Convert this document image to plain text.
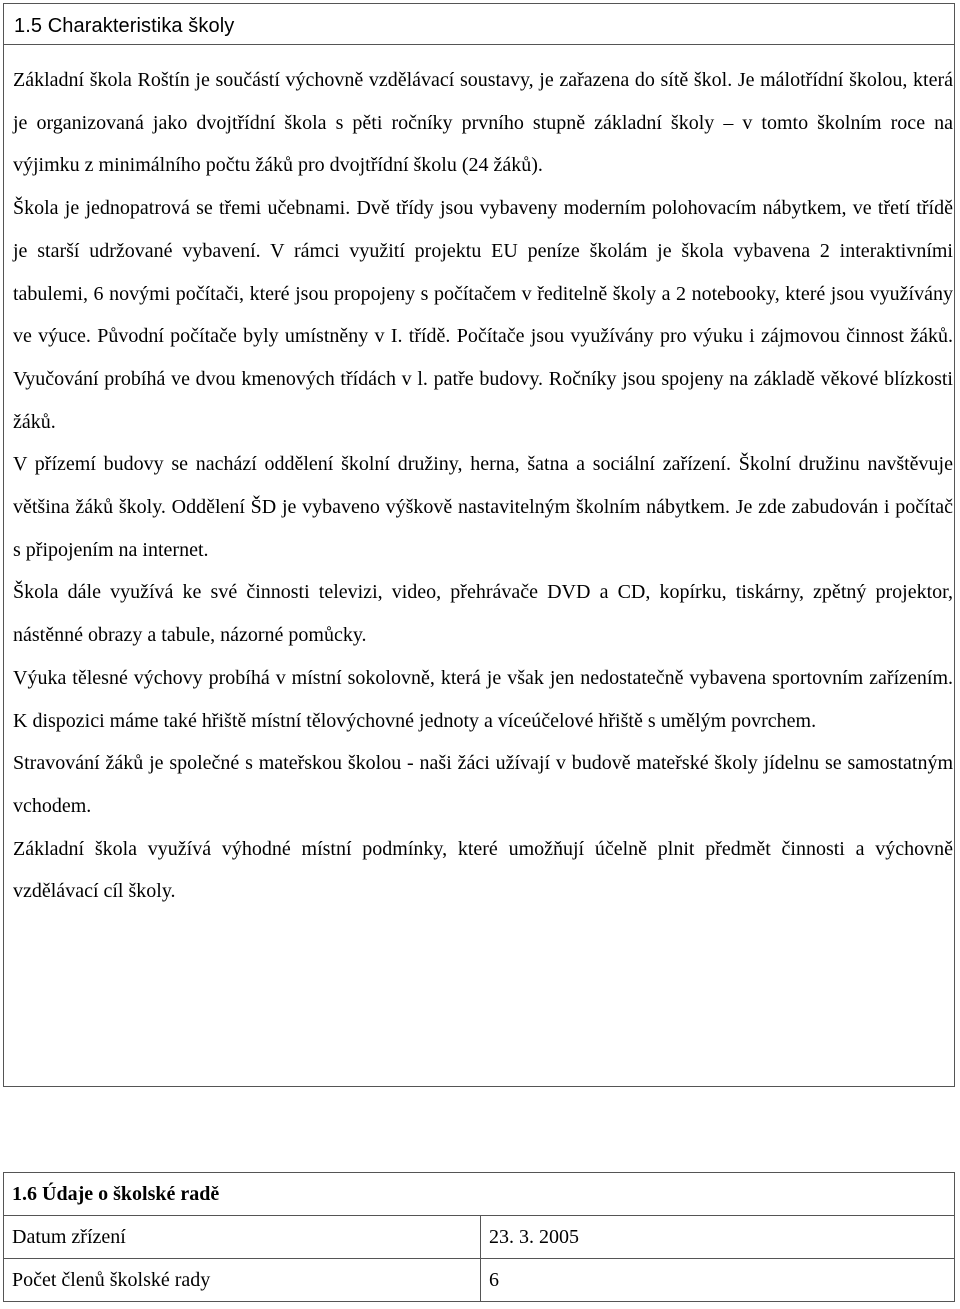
1.5 Charakteristika školy

Základní škola Roštín je součástí výchovně vzdělávací soustavy, je zařazena do sítě škol. Je málotřídní školou, která je organizovaná jako dvojtřídní škola s pěti ročníky prvního stupně základní školy – v tomto školním roce na výjimku z minimálního počtu žáků pro dvojtřídní školu (24 žáků).

Škola je jednopatrová se třemi učebnami. Dvě třídy jsou vybaveny moderním polohovacím nábytkem, ve třetí třídě je starší udržované vybavení. V rámci využití projektu EU peníze školám je škola vybavena 2 interaktivními tabulemi, 6 novými počítači, které jsou propojeny s počítačem v ředitelně školy a 2 notebooky, které jsou využívány ve výuce. Původní počítače byly umístněny v I. třídě. Počítače jsou využívány pro výuku i zájmovou činnost žáků. Vyučování probíhá ve dvou kmenových třídách v l. patře budovy. Ročníky jsou spojeny na základě věkové blízkosti žáků.

V přízemí budovy se nachází oddělení školní družiny, herna, šatna a sociální zařízení. Školní družinu navštěvuje většina žáků školy. Oddělení ŠD je vybaveno výškově nastavitelným školním nábytkem. Je zde zabudován i počítač s připojením na internet.

Škola dále využívá ke své činnosti televizi, video, přehrávače DVD a CD, kopírku, tiskárny, zpětný projektor, nástěnné obrazy a tabule, názorné pomůcky.

Výuka tělesné výchovy probíhá v místní sokolovně, která je však jen nedostatečně vybavena sportovním zařízením. K dispozici máme také hřiště místní tělovýchovné jednoty a víceúčelové hřiště s umělým povrchem.

Stravování žáků je společné s mateřskou školou - naši žáci užívají v budově mateřské školy jídelnu se samostatným vchodem.

Základní škola využívá výhodné místní podmínky, které umožňují účelně plnit předmět činnosti a výchovně vzdělávací cíl školy.

1.6 Údaje o školské radě	
Datum zřízení	23. 3. 2005
Počet členů školské rady	6
